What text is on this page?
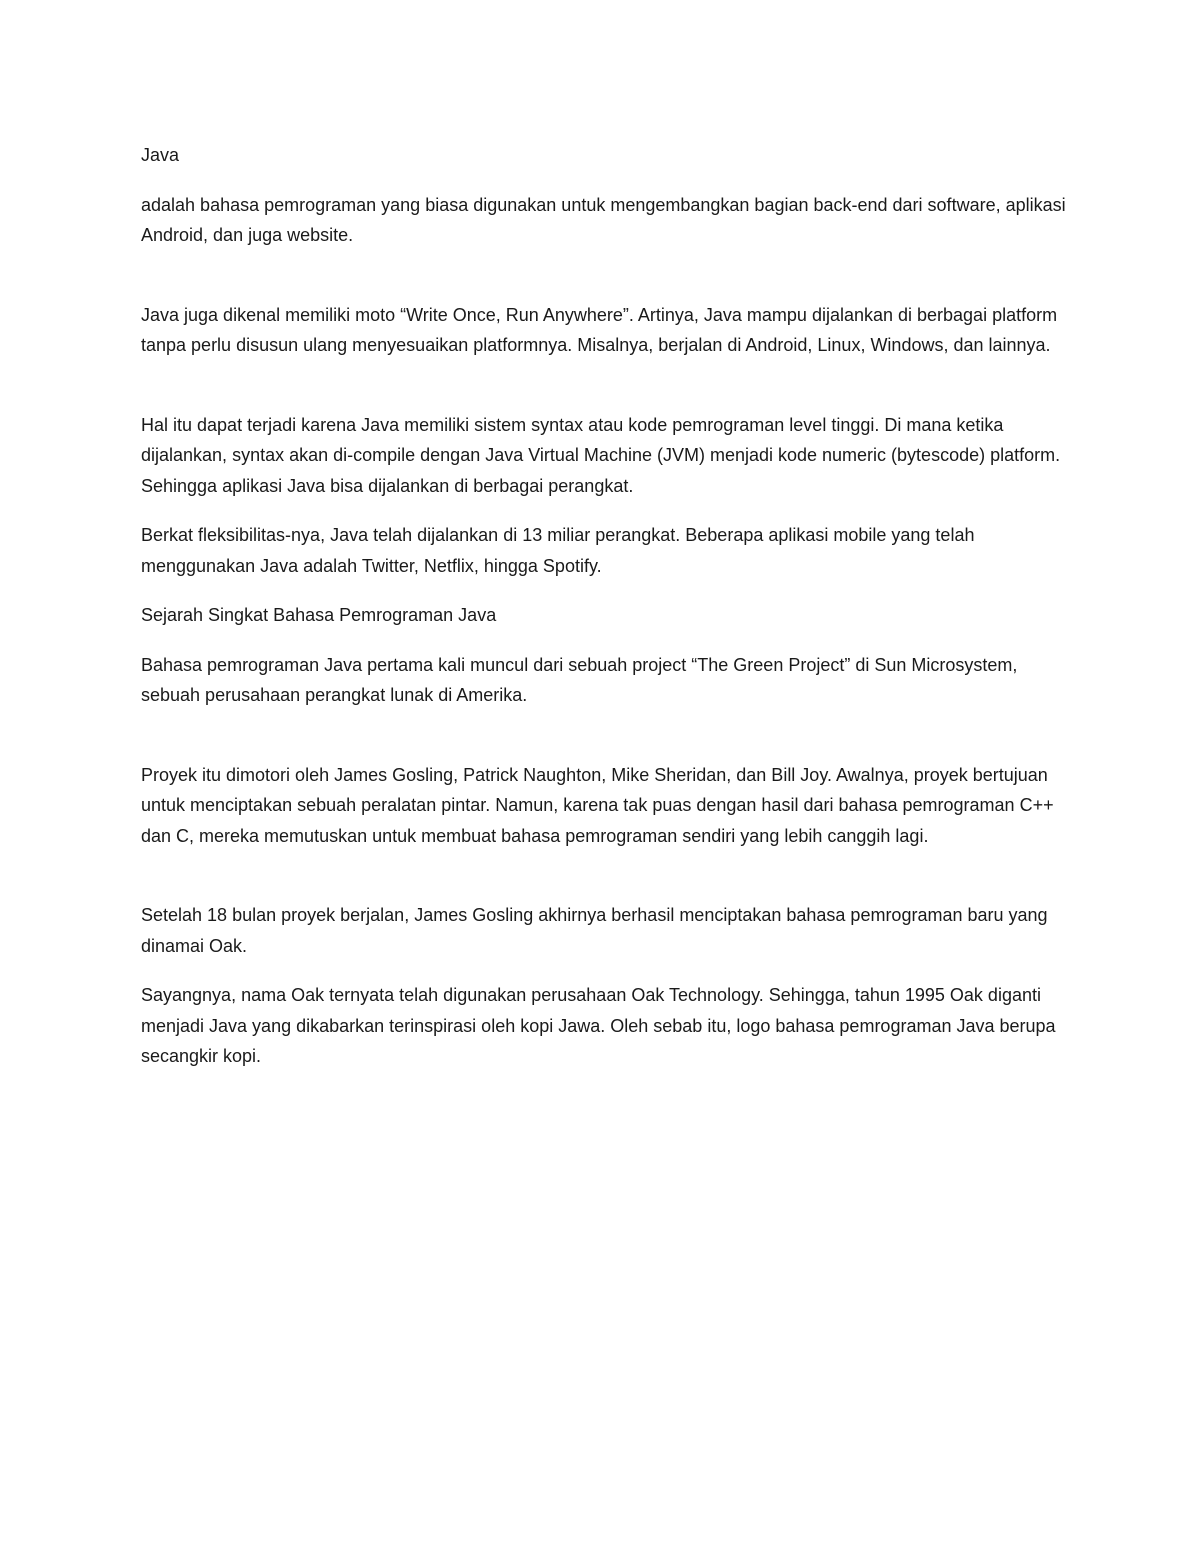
Java

adalah bahasa pemrograman yang biasa digunakan untuk mengembangkan bagian back-end dari software, aplikasi Android, dan juga website.

Java juga dikenal memiliki moto “Write Once, Run Anywhere”. Artinya, Java mampu dijalankan di berbagai platform tanpa perlu disusun ulang menyesuaikan platformnya. Misalnya, berjalan di Android, Linux, Windows, dan lainnya.

Hal itu dapat terjadi karena Java memiliki sistem syntax atau kode pemrograman level tinggi. Di mana ketika dijalankan, syntax akan di-compile dengan Java Virtual Machine (JVM) menjadi kode numeric (bytescode) platform. Sehingga aplikasi Java bisa dijalankan di berbagai perangkat.

Berkat fleksibilitas-nya, Java telah dijalankan di 13 miliar perangkat. Beberapa aplikasi mobile yang telah menggunakan Java adalah Twitter, Netflix, hingga Spotify.

Sejarah Singkat Bahasa Pemrograman Java

Bahasa pemrograman Java pertama kali muncul dari sebuah project “The Green Project” di Sun Microsystem, sebuah perusahaan perangkat lunak di Amerika.

Proyek itu dimotori oleh James Gosling, Patrick Naughton, Mike Sheridan, dan Bill Joy. Awalnya, proyek bertujuan untuk menciptakan sebuah peralatan pintar. Namun, karena tak puas dengan hasil dari bahasa pemrograman C++ dan C, mereka memutuskan untuk membuat bahasa pemrograman sendiri yang lebih canggih lagi.

Setelah 18 bulan proyek berjalan, James Gosling akhirnya berhasil menciptakan bahasa pemrograman baru yang dinamai Oak.

Sayangnya, nama Oak ternyata telah digunakan perusahaan Oak Technology. Sehingga, tahun 1995 Oak diganti menjadi Java yang dikabarkan terinspirasi oleh kopi Jawa. Oleh sebab itu, logo bahasa pemrograman Java berupa secangkir kopi.
